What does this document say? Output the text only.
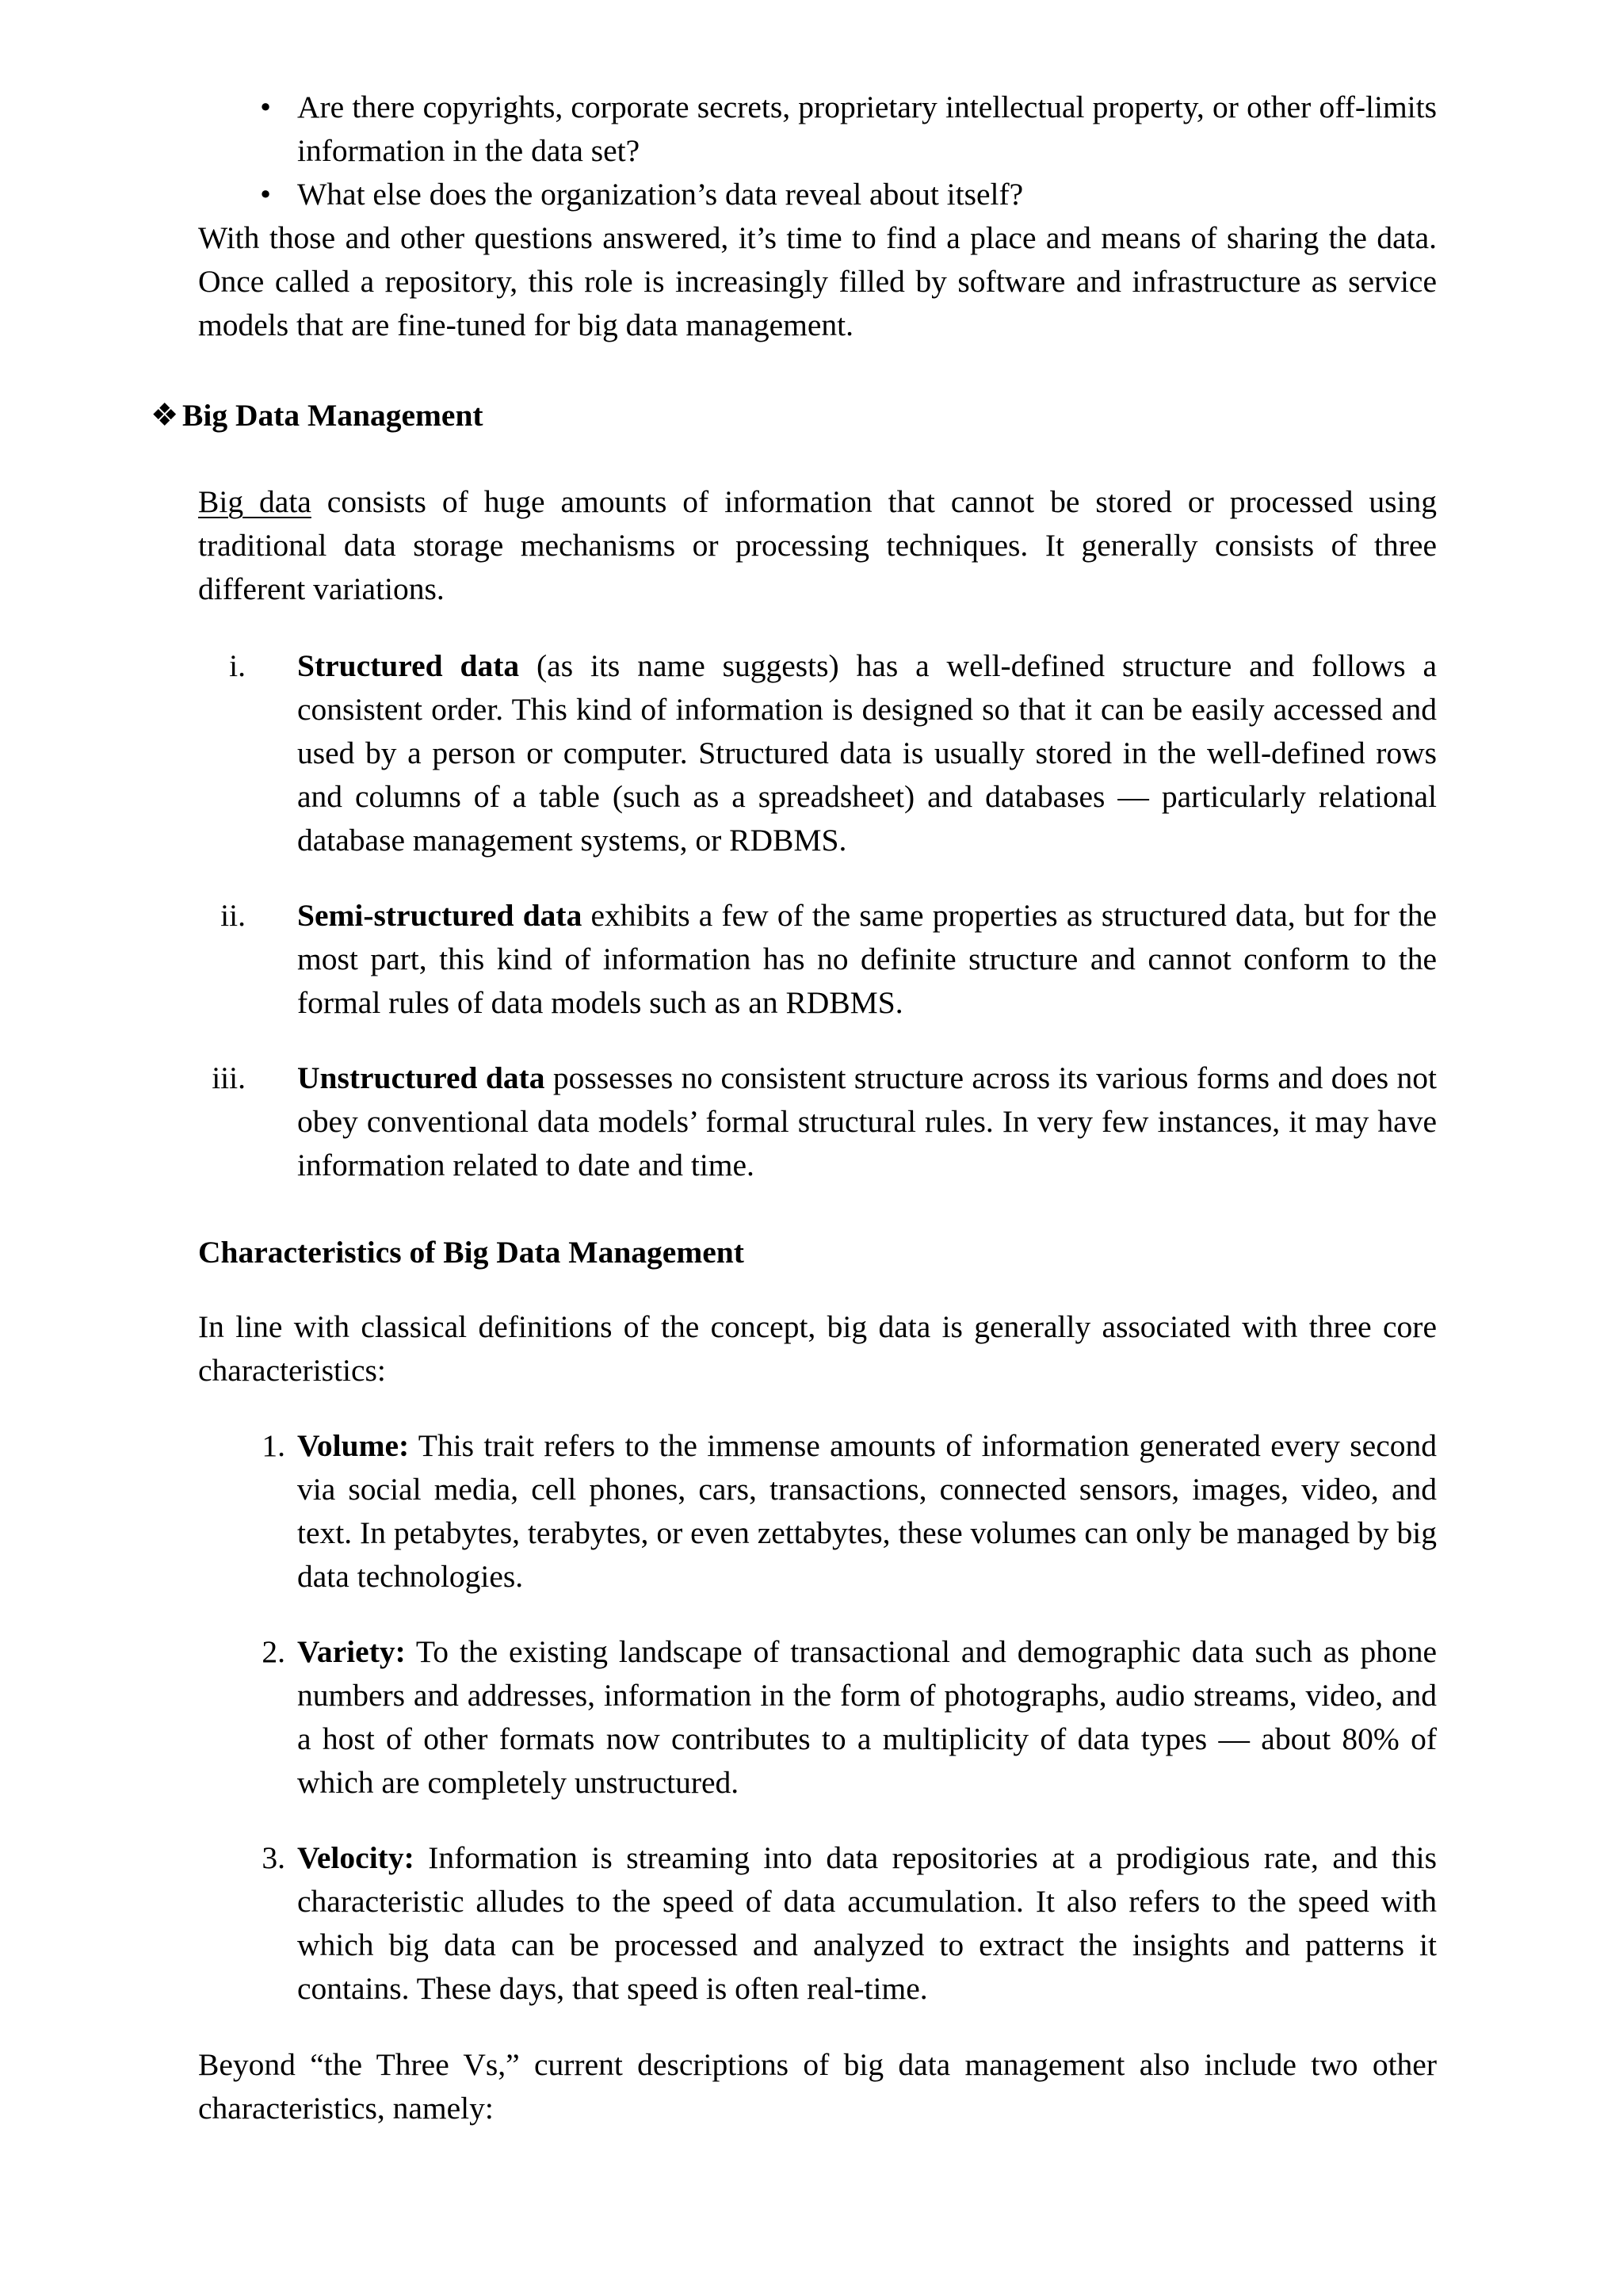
• Are there copyrights, corporate secrets, proprietary intellectual property, or other off-limits information in the data set?
• What else does the organization’s data reveal about itself?

With those and other questions answered, it’s time to find a place and means of sharing the data. Once called a repository, this role is increasingly filled by software and infrastructure as service models that are fine-tuned for big data management.

❖ Big Data Management

Big data consists of huge amounts of information that cannot be stored or processed using traditional data storage mechanisms or processing techniques. It generally consists of three different variations.

i. Structured data (as its name suggests) has a well-defined structure and follows a consistent order. This kind of information is designed so that it can be easily accessed and used by a person or computer. Structured data is usually stored in the well-defined rows and columns of a table (such as a spreadsheet) and databases — particularly relational database management systems, or RDBMS.
ii. Semi-structured data exhibits a few of the same properties as structured data, but for the most part, this kind of information has no definite structure and cannot conform to the formal rules of data models such as an RDBMS.
iii. Unstructured data possesses no consistent structure across its various forms and does not obey conventional data models’ formal structural rules. In very few instances, it may have information related to date and time.
Characteristics of Big Data Management

In line with classical definitions of the concept, big data is generally associated with three core characteristics:

1. Volume: This trait refers to the immense amounts of information generated every second via social media, cell phones, cars, transactions, connected sensors, images, video, and text. In petabytes, terabytes, or even zettabytes, these volumes can only be managed by big data technologies.
2. Variety: To the existing landscape of transactional and demographic data such as phone numbers and addresses, information in the form of photographs, audio streams, video, and a host of other formats now contributes to a multiplicity of data types — about 80% of which are completely unstructured.
3. Velocity: Information is streaming into data repositories at a prodigious rate, and this characteristic alludes to the speed of data accumulation. It also refers to the speed with which big data can be processed and analyzed to extract the insights and patterns it contains. These days, that speed is often real-time.

Beyond “the Three Vs,” current descriptions of big data management also include two other characteristics, namely:
